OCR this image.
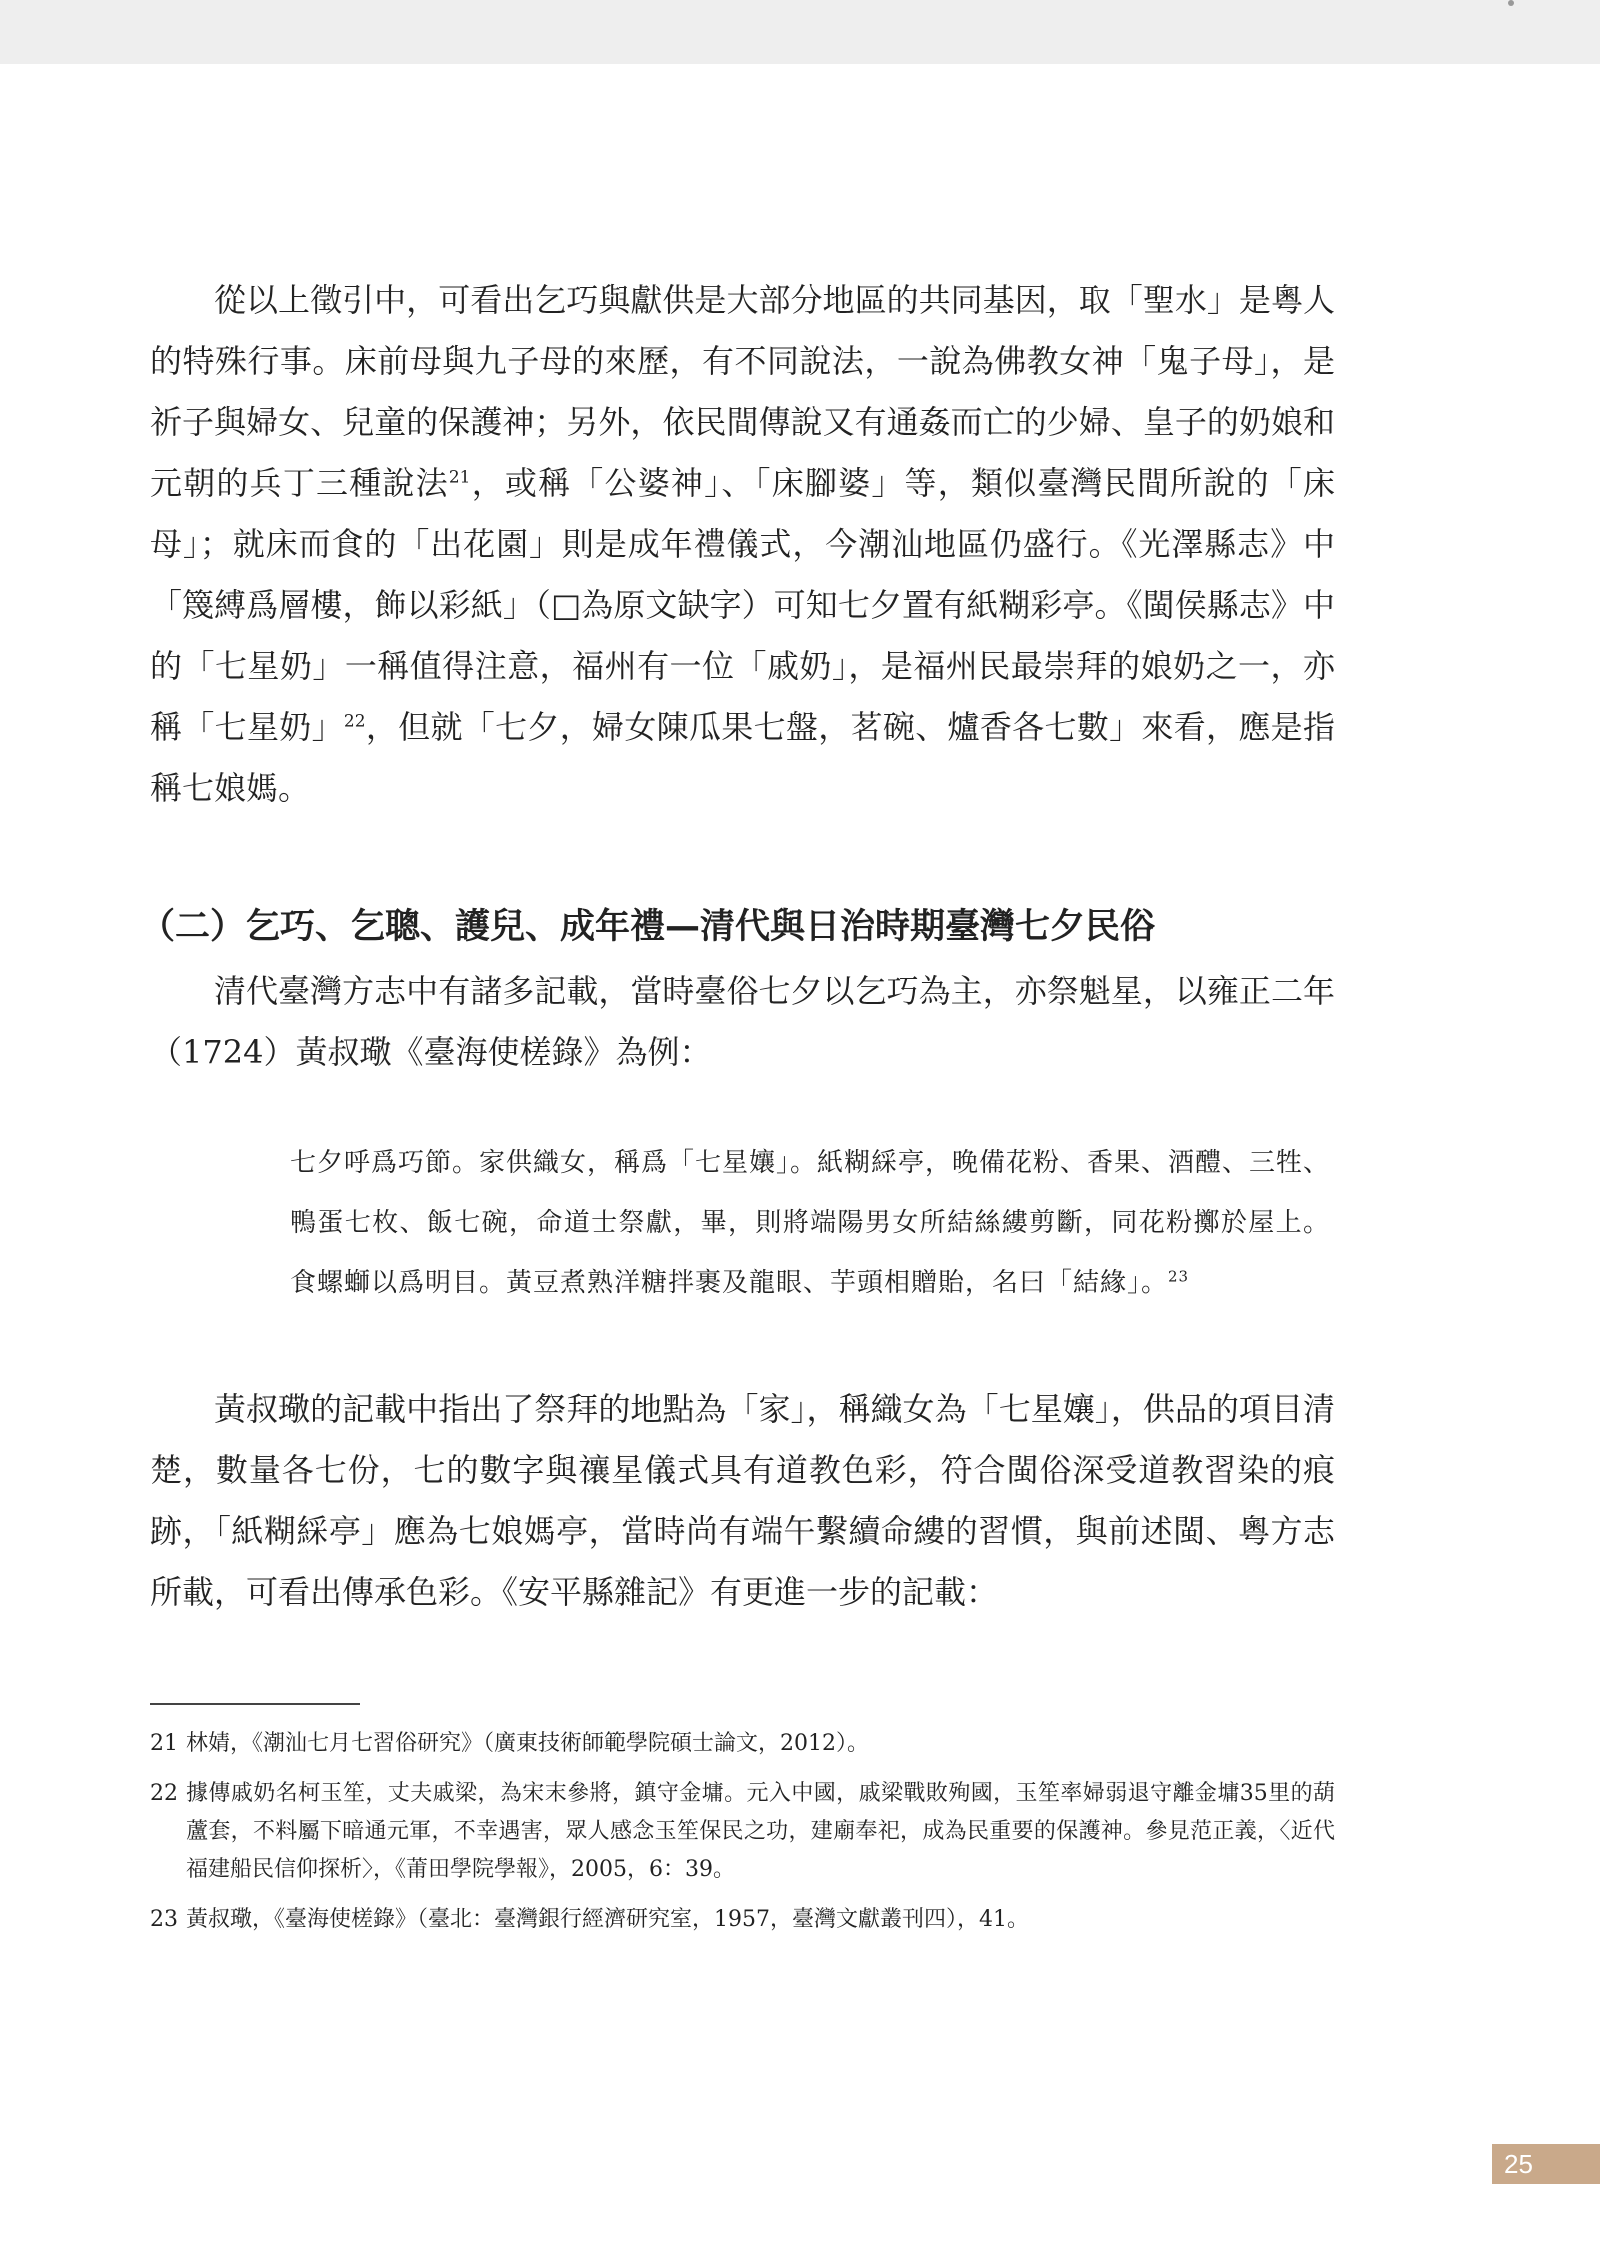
從以上徵引中，可看出乞巧與獻供是大部分地區的共同基因，取「聖水」是粵人的特殊行事。床前母與九子母的來歷，有不同說法，一說為佛教女神「鬼子母」，是祈子與婦女、兒童的保護神；另外，依民間傳說又有通姦而亡的少婦、皇子的奶娘和元朝的兵丁三種說法$^{21}$，或稱「公婆神」、「床腳婆」等，類似臺灣民間所說的「床母」；就床而食的「出花園」則是成年禮儀式，今潮汕地區仍盛行。《光澤縣志》中「篾縛爲層樓，飾以彩紙」（□為原文缺字）可知七夕置有紙糊彩亭。《閩侯縣志》中的「七星奶」一稱值得注意，福州有一位「戚奶」，是福州民最崇拜的娘奶之一，亦稱「七星奶」$^{22}$，但就「七夕，婦女陳瓜果七盤，茗碗、爐香各七數」來看，應是指稱七娘媽。

（二）乞巧、乞聰、護兒、成年禮—清代與日治時期臺灣七夕民俗

清代臺灣方志中有諸多記載，當時臺俗七夕以乞巧為主，亦祭魁星，以雍正二年（1724）黃叔璥《臺海使槎錄》為例：

七夕呼爲巧節。家供織女，稱爲「七星孃」。紙糊綵亭，晚備花粉、香果、酒醴、三牲、鴨蛋七枚、飯七碗，命道士祭獻，畢，則將端陽男女所結絲縷剪斷，同花粉擲於屋上。食螺螄以爲明目。黃豆煮熟洋糖拌裹及龍眼、芋頭相贈貽，名曰「結緣」。$^{23}$

黃叔璥的記載中指出了祭拜的地點為「家」，稱織女為「七星孃」，供品的項目清楚，數量各七份，七的數字與禳星儀式具有道教色彩，符合閩俗深受道教習染的痕跡，「紙糊綵亭」應為七娘媽亭，當時尚有端午繫續命縷的習慣，與前述閩、粵方志所載，可看出傳承色彩。《安平縣雜記》有更進一步的記載：

21 林婧，《潮汕七月七習俗研究》（廣東技術師範學院碩士論文，2012）。
22 據傳戚奶名柯玉笙，丈夫戚梁，為宋末參將，鎮守金墉。元入中國，戚梁戰敗殉國，玉笙率婦弱退守離金墉35里的葫蘆套，不料屬下暗通元軍，不幸遇害，眾人感念玉笙保民之功，建廟奉祀，成為民重要的保護神。參見范正義，〈近代福建船民信仰探析〉，《莆田學院學報》，2005，6：39。
23 黃叔璥，《臺海使槎錄》（臺北：臺灣銀行經濟研究室，1957，臺灣文獻叢刊四），41。
25
